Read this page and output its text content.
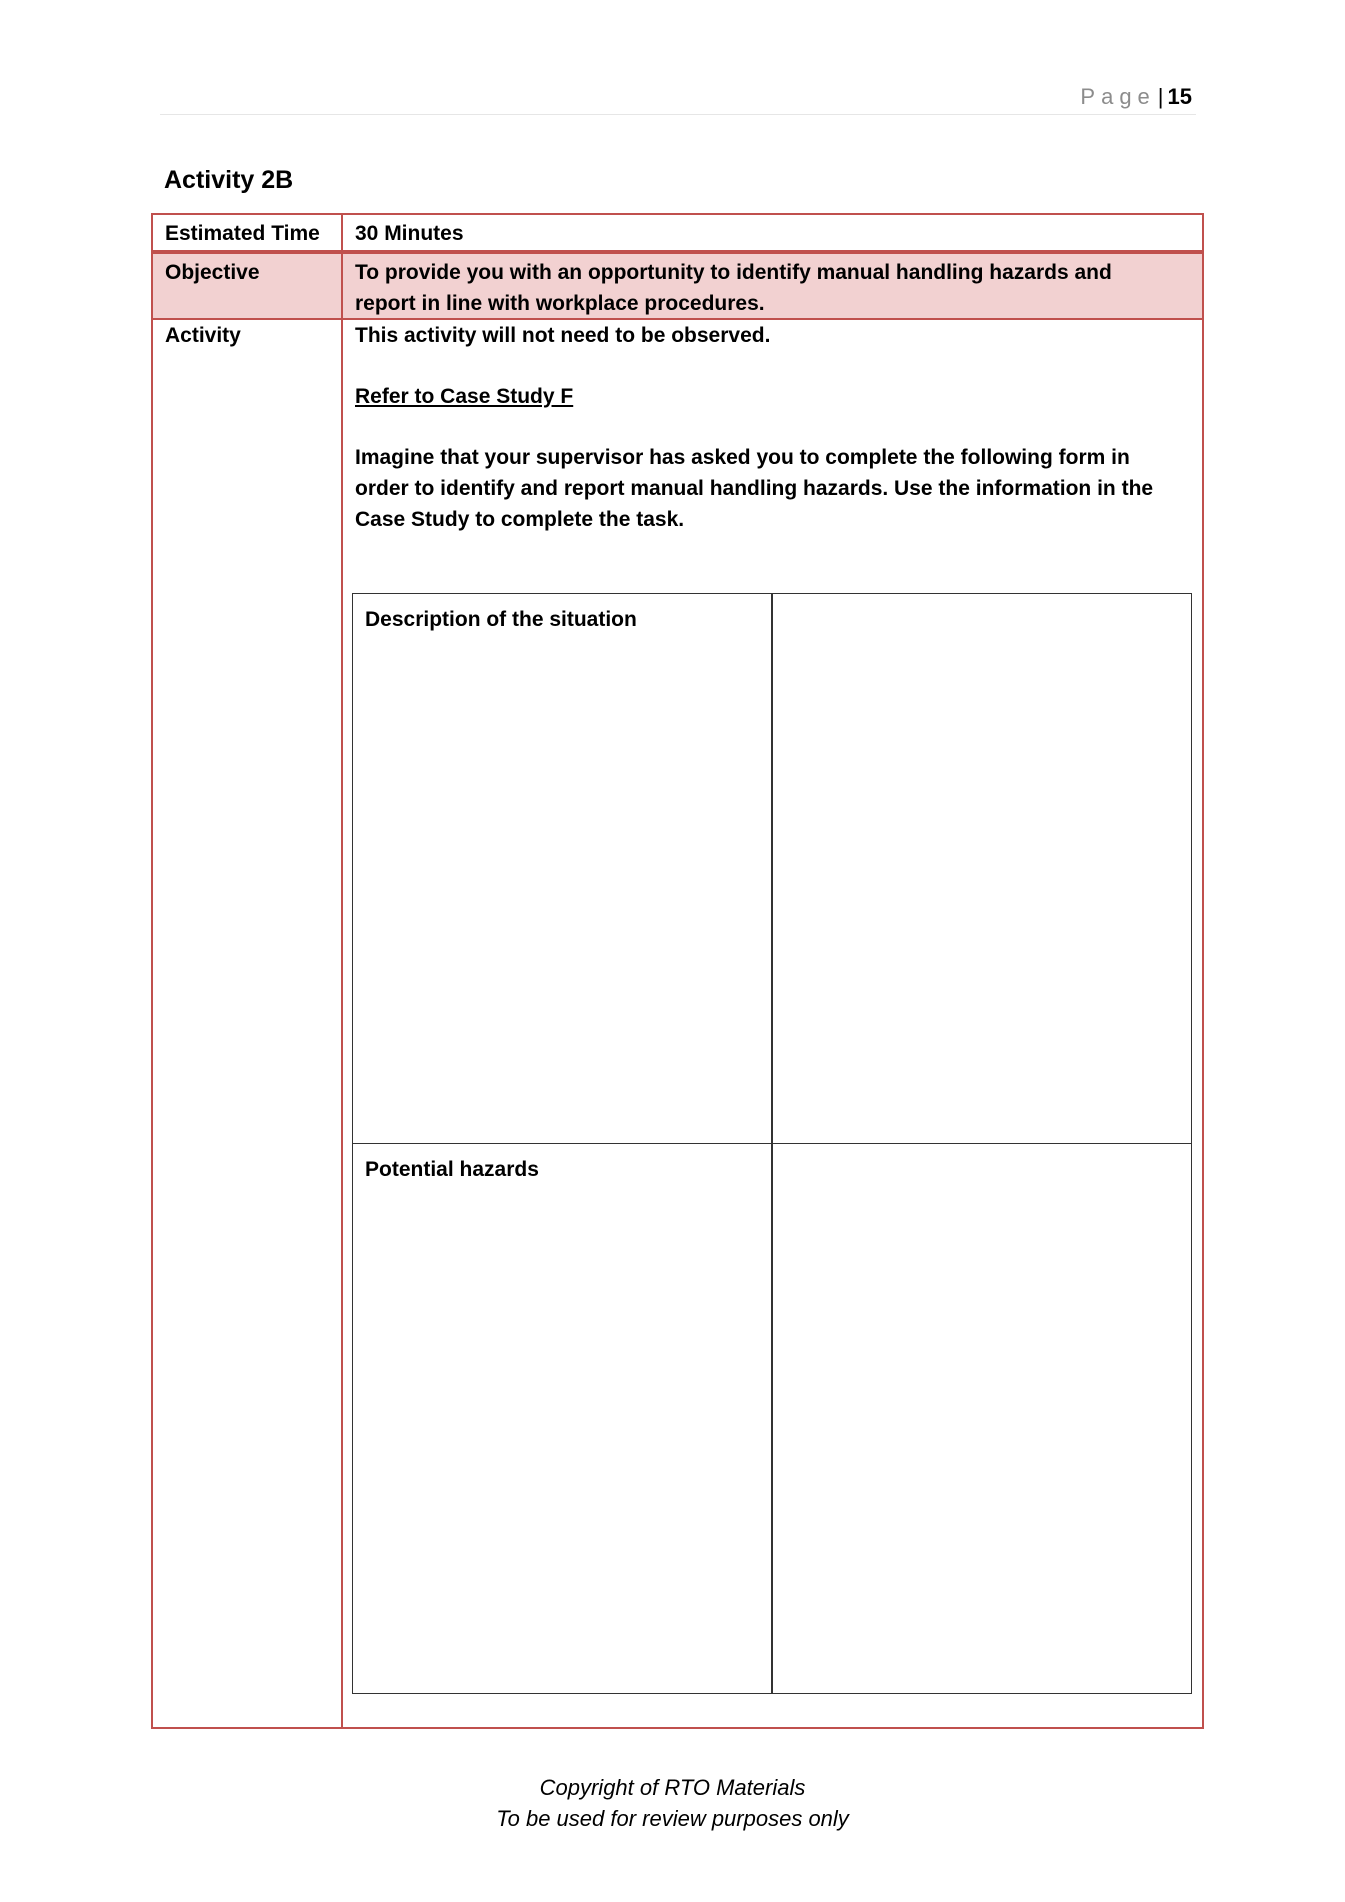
Page| 15
Activity 2B
Estimated Time 30 Minutes
Objective	To provide you with an opportunity to identify manual handling hazards and report in line with workplace procedures.
Activity	This activity will not need to be observed.

Refer to Case Study F

Imagine that your supervisor has asked you to complete the following form in order to identify and report manual handling hazards. Use the information in the Case Study to complete the task.

Description of the situation
Potential hazards
Copyright of RTO Materials
To be used for review purposes only
